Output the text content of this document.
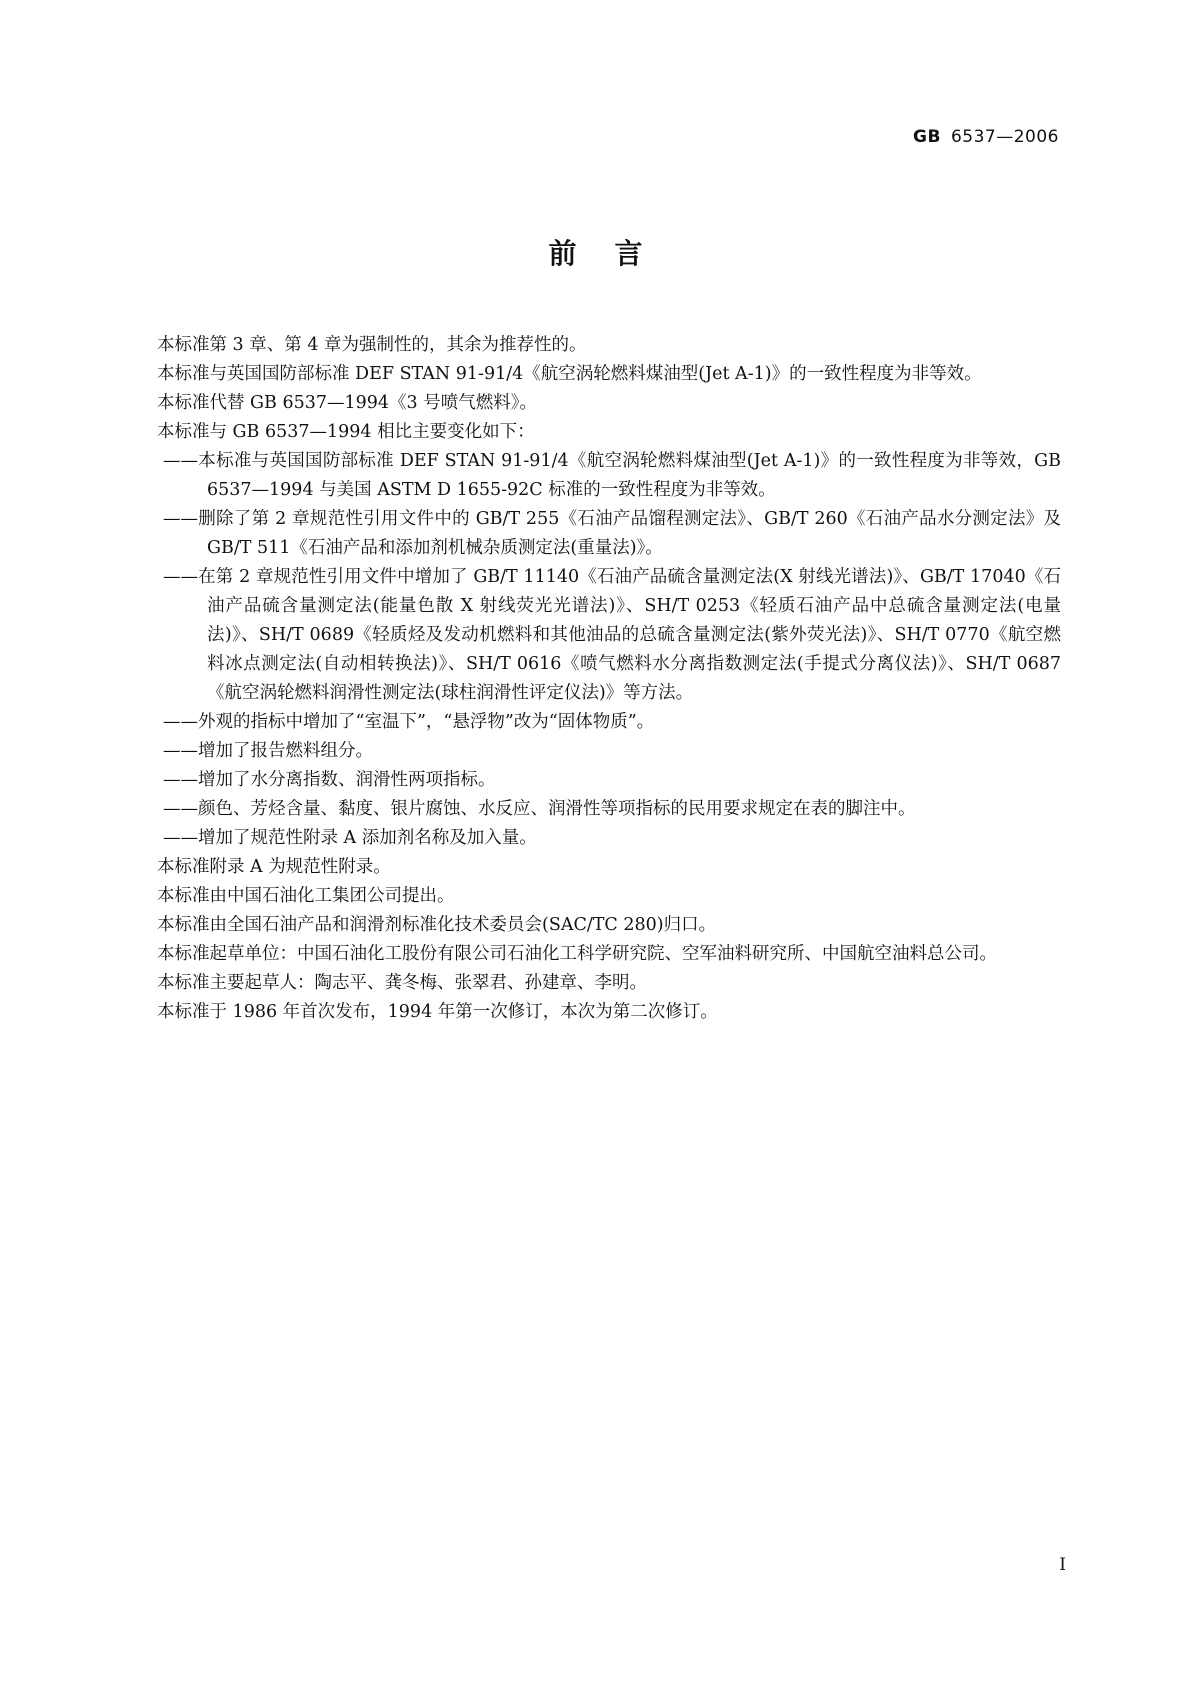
GB 6537—2006
前言

本标准第 3 章、第 4 章为强制性的，其余为推荐性的。

本标准与英国国防部标准 DEF STAN 91-91/4《航空涡轮燃料煤油型(Jet A-1)》的一致性程度为非等效。

本标准代替 GB 6537—1994《3 号喷气燃料》。

本标准与 GB 6537—1994 相比主要变化如下：

——本标准与英国国防部标准 DEF STAN 91-91/4《航空涡轮燃料煤油型(Jet A-1)》的一致性程度为非等效，GB 6537—1994 与美国 ASTM D 1655-92C 标准的一致性程度为非等效。

——删除了第 2 章规范性引用文件中的 GB/T 255《石油产品馏程测定法》、GB/T 260《石油产品水分测定法》及 GB/T 511《石油产品和添加剂机械杂质测定法(重量法)》。

——在第 2 章规范性引用文件中增加了 GB/T 11140《石油产品硫含量测定法(X 射线光谱法)》、GB/T 17040《石油产品硫含量测定法(能量色散 X 射线荧光光谱法)》、SH/T 0253《轻质石油产品中总硫含量测定法(电量法)》、SH/T 0689《轻质烃及发动机燃料和其他油品的总硫含量测定法(紫外荧光法)》、SH/T 0770《航空燃料冰点测定法(自动相转换法)》、SH/T 0616《喷气燃料水分离指数测定法(手提式分离仪法)》、SH/T 0687《航空涡轮燃料润滑性测定法(球柱润滑性评定仪法)》等方法。

——外观的指标中增加了“室温下”，“悬浮物”改为“固体物质”。

——增加了报告燃料组分。

——增加了水分离指数、润滑性两项指标。

——颜色、芳烃含量、黏度、银片腐蚀、水反应、润滑性等项指标的民用要求规定在表的脚注中。

——增加了规范性附录 A 添加剂名称及加入量。

本标准附录 A 为规范性附录。

本标准由中国石油化工集团公司提出。

本标准由全国石油产品和润滑剂标准化技术委员会(SAC/TC 280)归口。

本标准起草单位：中国石油化工股份有限公司石油化工科学研究院、空军油料研究所、中国航空油料总公司。

本标准主要起草人：陶志平、龚冬梅、张翠君、孙建章、李明。

本标准于 1986 年首次发布，1994 年第一次修订，本次为第二次修订。

I
